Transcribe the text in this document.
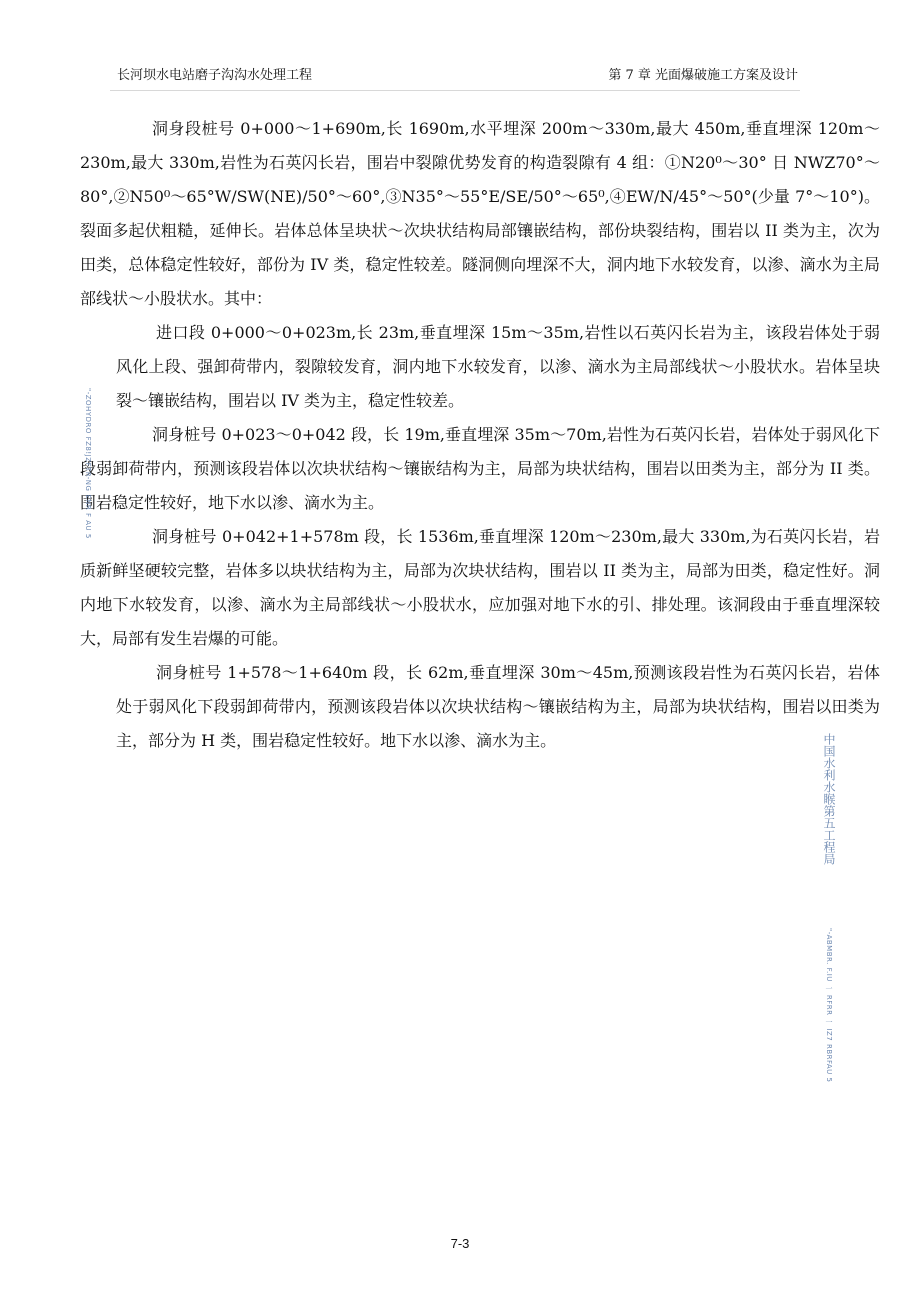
长河坝水电站磨子沟沟水处理工程	第 7 章 光面爆破施工方案及设计

洞身段桩号 0+000～1+690m,长 1690m,水平埋深 200m～330m,最大 450m,垂直埋深 120m～230m,最大 330m,岩性为石英闪长岩，围岩中裂隙优势发育的构造裂隙有 4 组：①N20⁰～30° 日 NWZ70°～80°,②N50⁰～65°W/SW(NE)/50°～60°,③N35°～55°E/SE/50°～65⁰,④EW/N/45°～50°(少量 7°～10°)。裂面多起伏粗糙，延伸长。岩体总体呈块状～次块状结构局部镶嵌结构，部份块裂结构，围岩以 II 类为主，次为田类，总体稳定性较好，部份为 IV 类，稳定性较差。隧洞侧向埋深不大，洞内地下水较发育，以渗、滴水为主局部线状～小股状水。其中：

进口段 0+000～0+023m,长 23m,垂直埋深 15m～35m,岩性以石英闪长岩为主，该段岩体处于弱风化上段、强卸荷带内，裂隙较发育，洞内地下水较发育，以渗、滴水为主局部线状～小股状水。岩体呈块裂～镶嵌结构，围岩以 IV 类为主，稳定性较差。

洞身桩号 0+023～0+042 段，长 19m,垂直埋深 35m～70m,岩性为石英闪长岩，岩体处于弱风化下段弱卸荷带内，预测该段岩体以次块状结构～镶嵌结构为主，局部为块状结构，围岩以田类为主，部分为 II 类。围岩稳定性较好，地下水以渗、滴水为主。

洞身桩号 0+042+1+578m 段，长 1536m,垂直埋深 120m～230m,最大 330m,为石英闪长岩，岩质新鲜坚硬较完整，岩体多以块状结构为主，局部为次块状结构，围岩以 II 类为主，局部为田类，稳定性好。洞内地下水较发育，以渗、滴水为主局部线状～小股状水，应加强对地下水的引、排处理。该洞段由于垂直埋深较大，局部有发生岩爆的可能。

洞身桩号 1+578～1+640m 段，长 62m,垂直埋深 30m～45m,预测该段岩性为石英闪长岩，岩体处于弱风化下段弱卸荷带内，预测该段岩体以次块状结构～镶嵌结构为主，局部为块状结构，围岩以田类为主，部分为 H 类，围岩稳定性较好。地下水以渗、滴水为主。

"-ZOHYDRO FZ8!JZFTR-NG ENR F AU 5
中国水利水睺第五工程局
"-ABMBR. F.IU 一 RFRR 一 IZ7 RBRFAU 5
7-3
